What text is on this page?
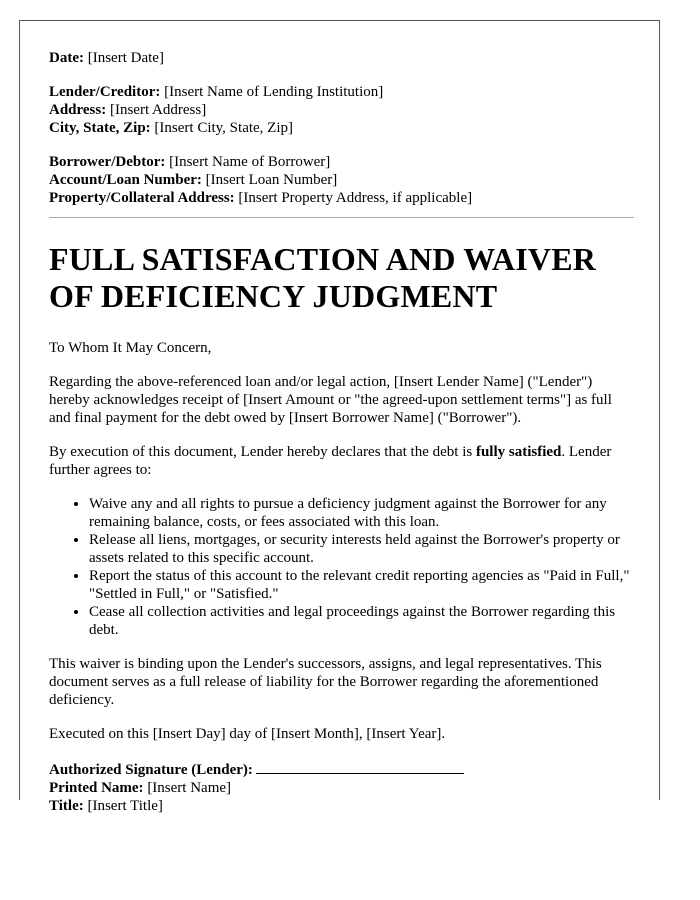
Date: [Insert Date]
Lender/Creditor: [Insert Name of Lending Institution]
Address: [Insert Address]
City, State, Zip: [Insert City, State, Zip]
Borrower/Debtor: [Insert Name of Borrower]
Account/Loan Number: [Insert Loan Number]
Property/Collateral Address: [Insert Property Address, if applicable]
FULL SATISFACTION AND WAIVER OF DEFICIENCY JUDGMENT

To Whom It May Concern,

Regarding the above-referenced loan and/or legal action, [Insert Lender Name] ("Lender") hereby acknowledges receipt of [Insert Amount or "the agreed-upon settlement terms"] as full and final payment for the debt owed by [Insert Borrower Name] ("Borrower").

By execution of this document, Lender hereby declares that the debt is fully satisfied. Lender further agrees to:

• Waive any and all rights to pursue a deficiency judgment against the Borrower for any remaining balance, costs, or fees associated with this loan.
• Release all liens, mortgages, or security interests held against the Borrower's property or assets related to this specific account.
• Report the status of this account to the relevant credit reporting agencies as "Paid in Full," "Settled in Full," or "Satisfied."
• Cease all collection activities and legal proceedings against the Borrower regarding this debt.

This waiver is binding upon the Lender's successors, assigns, and legal representatives. This document serves as a full release of liability for the Borrower regarding the aforementioned deficiency.

Executed on this [Insert Day] day of [Insert Month], [Insert Year].

Authorized Signature (Lender):
Printed Name: [Insert Name]
Title: [Insert Title]
